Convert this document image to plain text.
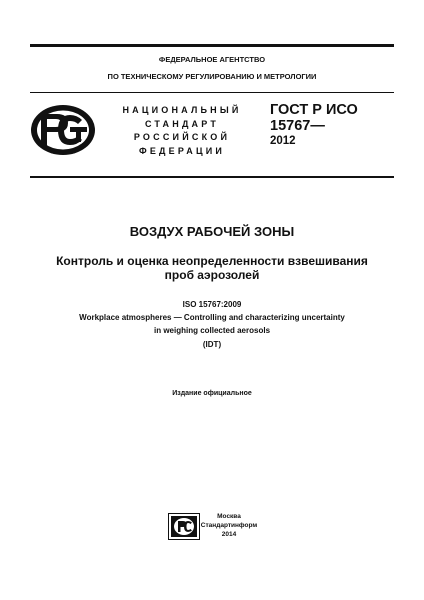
ФЕДЕРАЛЬНОЕ АГЕНТСТВО
ПО ТЕХНИЧЕСКОМУ РЕГУЛИРОВАНИЮ И МЕТРОЛОГИИ
НАЦИОНАЛЬНЫЙ
СТАНДАРТ
РОССИЙСКОЙ
ФЕДЕРАЦИИ
ГОСТ Р ИСО
15767—
2012
ВОЗДУХ РАБОЧЕЙ ЗОНЫ
Контроль и оценка неопределенности взвешивания
проб аэрозолей
ISO 15767:2009
Workplace atmospheres — Controlling and characterizing uncertainty
in weighing collected aerosols
(IDT)
Издание официальное
Москва
Стандартинформ
2014
